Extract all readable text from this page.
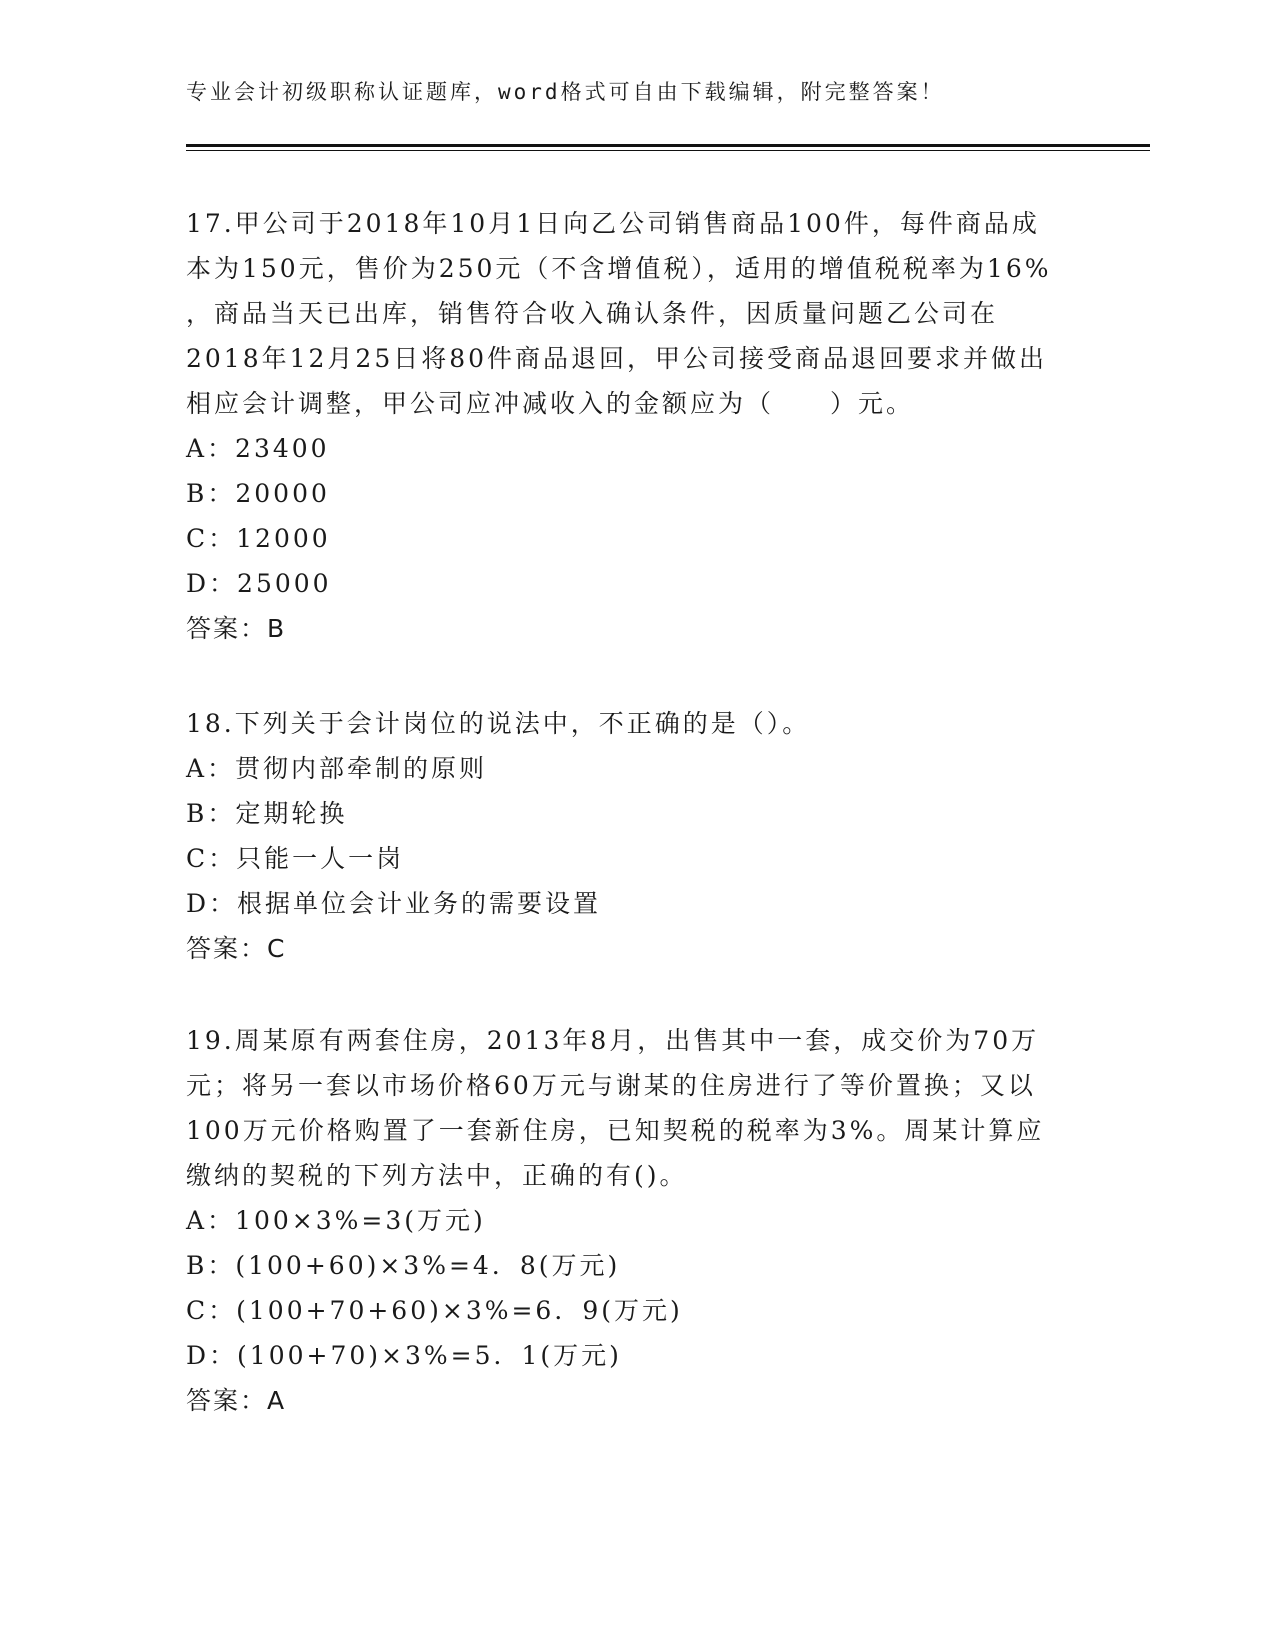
专业会计初级职称认证题库，word格式可自由下载编辑，附完整答案！
17.甲公司于2018年10月1日向乙公司销售商品100件，每件商品成
本为150元，售价为250元（不含增值税），适用的增值税税率为16%
，商品当天已出库，销售符合收入确认条件，因质量问题乙公司在
2018年12月25日将80件商品退回，甲公司接受商品退回要求并做出
相应会计调整，甲公司应冲减收入的金额应为（　　）元。
A：23400
B：20000
C：12000
D：25000
答案：B
18.下列关于会计岗位的说法中，不正确的是（）。
A：贯彻内部牵制的原则
B：定期轮换
C：只能一人一岗
D：根据单位会计业务的需要设置
答案：C
19.周某原有两套住房，2013年8月，出售其中一套，成交价为70万
元；将另一套以市场价格60万元与谢某的住房进行了等价置换；又以
100万元价格购置了一套新住房，已知契税的税率为3%。周某计算应
缴纳的契税的下列方法中，正确的有()。
A：100×3%=3(万元)
B：(100+60)×3%=4．8(万元)
C：(100+70+60)×3%=6．9(万元)
D：(100+70)×3%=5．1(万元)
答案：A
